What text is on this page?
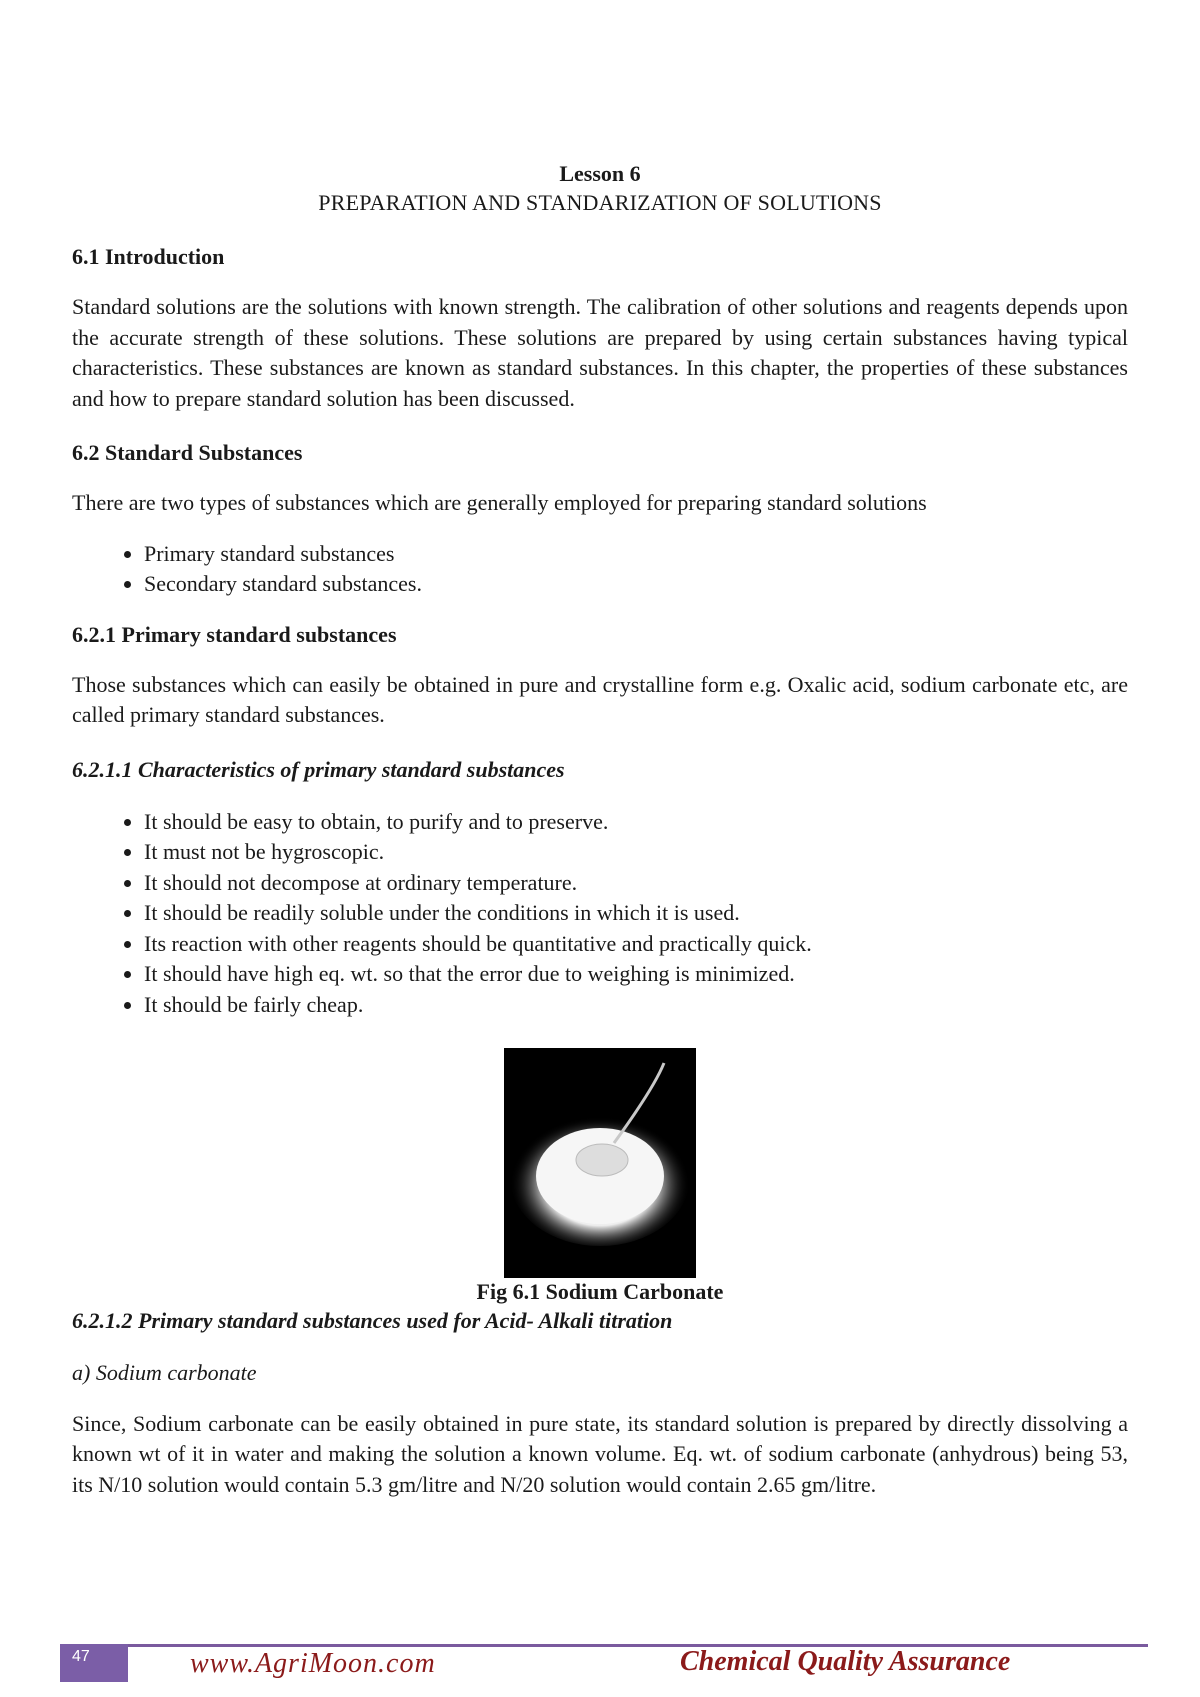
Lesson 6
PREPARATION AND STANDARIZATION OF SOLUTIONS
6.1 Introduction

Standard solutions are the solutions with known strength. The calibration of other solutions and reagents depends upon the accurate strength of these solutions. These solutions are prepared by using certain substances having typical characteristics. These substances are known as standard substances. In this chapter, the properties of these substances and how to prepare standard solution has been discussed.

6.2 Standard Substances

There are two types of substances which are generally employed for preparing standard solutions

• Primary standard substances
• Secondary standard substances.
6.2.1 Primary standard substances

Those substances which can easily be obtained in pure and crystalline form e.g. Oxalic acid, sodium carbonate etc, are called primary standard substances.

6.2.1.1 Characteristics of primary standard substances
• It should be easy to obtain, to purify and to preserve.
• It must not be hygroscopic.
• It should not decompose at ordinary temperature.
• It should be readily soluble under the conditions in which it is used.
• Its reaction with other reagents should be quantitative and practically quick.
• It should have high eq. wt. so that the error due to weighing is minimized.
• It should be fairly cheap.
Fig 6.1 Sodium Carbonate
6.2.1.2 Primary standard substances used for Acid- Alkali titration

a) Sodium carbonate

Since, Sodium carbonate can be easily obtained in pure state, its standard solution is prepared by directly dissolving a known wt of it in water and making the solution a known volume. Eq. wt. of sodium carbonate (anhydrous) being 53, its N/10 solution would contain 5.3 gm/litre and N/20 solution would contain 2.65 gm/litre.

47	www.AgriMoon.com	Chemical Quality Assurance
